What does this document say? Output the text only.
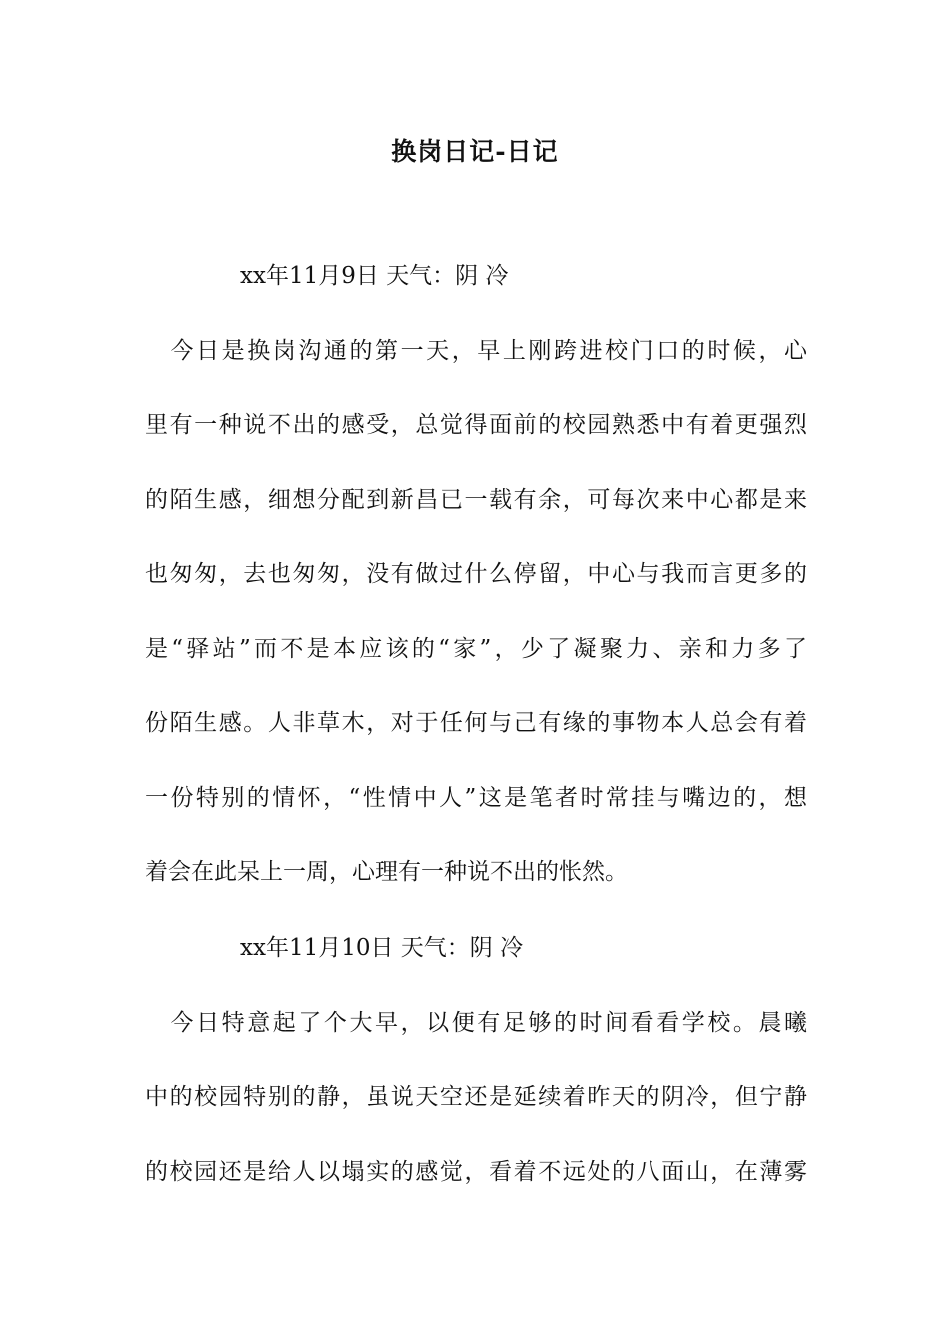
换岗日记-日记
xx年11月9日 天气：阴 冷
　今日是换岗沟通的第一天，早上刚跨进校门口的时候，心
里有一种说不出的感受，总觉得面前的校园熟悉中有着更强烈
的陌生感，细想分配到新昌已一载有余，可每次来中心都是来
也匆匆，去也匆匆，没有做过什么停留，中心与我而言更多的
是“驿站”而不是本应该的“家”，少了凝聚力、亲和力多了
份陌生感。人非草木，对于任何与己有缘的事物本人总会有着
一份特别的情怀，“性情中人”这是笔者时常挂与嘴边的，想
着会在此呆上一周，心理有一种说不出的怅然。
xx年11月10日 天气：阴 冷
　今日特意起了个大早，以便有足够的时间看看学校。晨曦
中的校园特别的静，虽说天空还是延续着昨天的阴冷，但宁静
的校园还是给人以塌实的感觉，看着不远处的八面山，在薄雾
